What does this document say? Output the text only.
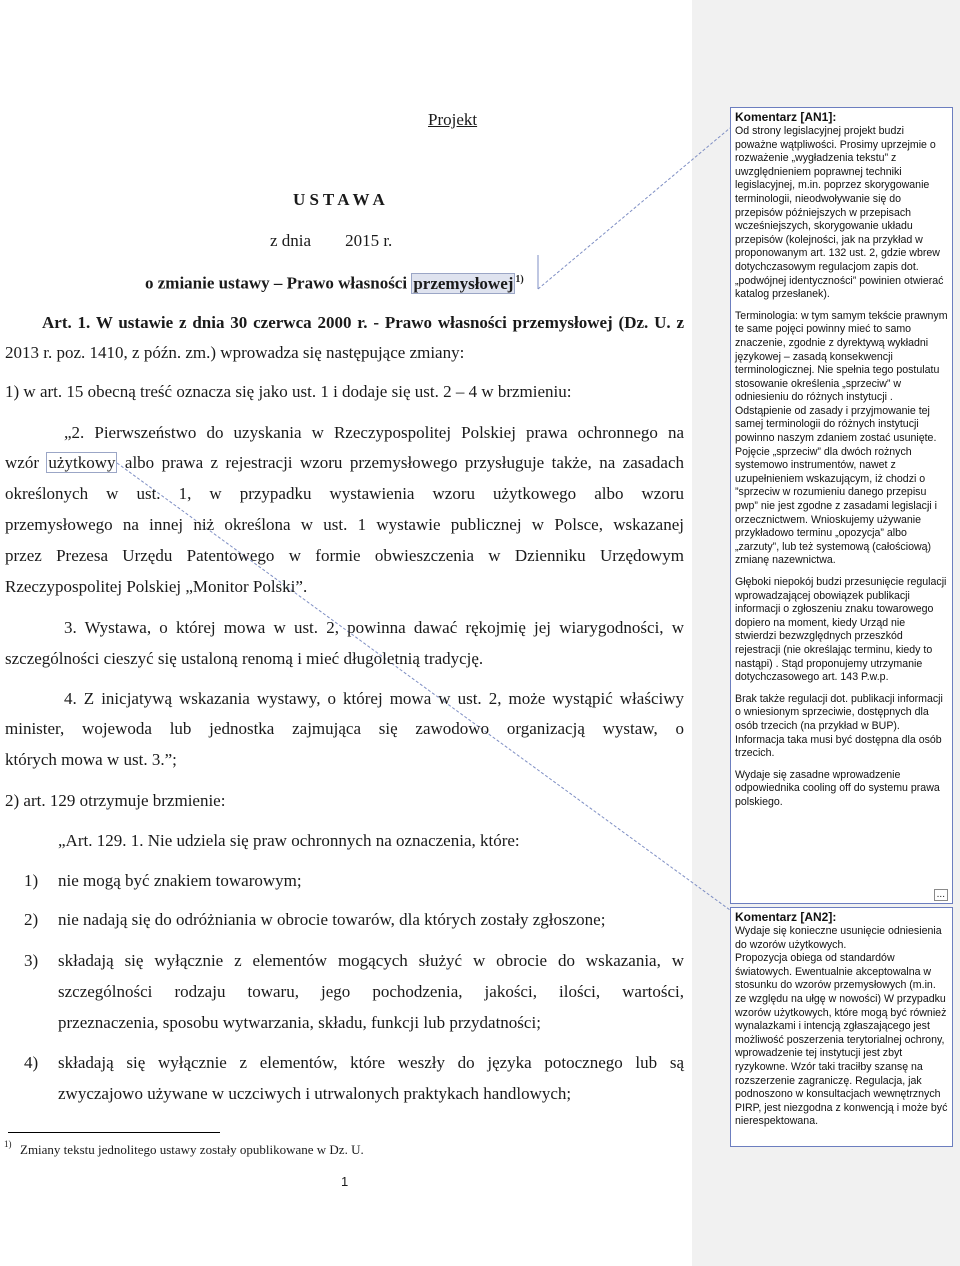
Projekt
U S T A W A
z dnia        2015 r.
o zmianie ustawy – Prawo własności przemysłowej $^{1)}$
Art. 1. W ustawie z dnia 30 czerwca 2000 r. - Prawo własności przemysłowej (Dz. U. z
2013 r. poz. 1410, z późn. zm.) wprowadza się następujące zmiany:
1) w art. 15 obecną treść oznacza się jako ust. 1 i dodaje się ust. 2 – 4 w brzmieniu:
„2. Pierwszeństwo do uzyskania w Rzeczypospolitej Polskiej prawa ochronnego na
wzór użytkowy albo prawa z rejestracji wzoru przemysłowego przysługuje także, na zasadach
określonych w ust. 1, w przypadku wystawienia wzoru użytkowego albo wzoru
przemysłowego na innej niż określona w ust. 1 wystawie publicznej w Polsce, wskazanej
przez Prezesa Urzędu Patentowego w formie obwieszczenia w Dzienniku Urzędowym
Rzeczypospolitej Polskiej „Monitor Polski”.
3. Wystawa, o której mowa w ust. 2, powinna dawać rękojmię jej wiarygodności, w
szczególności cieszyć się ustaloną renomą i mieć długoletnią tradycję.
4. Z inicjatywą wskazania wystawy, o której mowa w ust. 2, może wystąpić właściwy
minister, wojewoda lub jednostka zajmująca się zawodowo organizacją wystaw, o
których mowa w ust. 3.”;
2) art. 129 otrzymuje brzmienie:
„Art. 129. 1. Nie udziela się praw ochronnych na oznaczenia, które:
1) nie mogą być znakiem towarowym;
2) nie nadają się do odróżniania w obrocie towarów, dla których zostały zgłoszone;
3) składają się wyłącznie z elementów mogących służyć w obrocie do wskazania, w
szczególności rodzaju towaru, jego pochodzenia, jakości, ilości, wartości,
przeznaczenia, sposobu wytwarzania, składu, funkcji lub przydatności;
4) składają się wyłącznie z elementów, które weszły do języka potocznego lub są
zwyczajowo używane w uczciwych i utrwalonych praktykach handlowych;
1) Zmiany tekstu jednolitego ustawy zostały opublikowane w Dz. U.
1
Komentarz [AN1]:

Od strony legislacyjnej projekt budzi poważne wątpliwości. Prosimy uprzejmie o rozważenie „wygładzenia tekstu” z uwzględnieniem poprawnej techniki legislacyjnej, m.in. poprzez skorygowanie terminologii, nieodwoływanie się do przepisów późniejszych w przepisach wcześniejszych, skorygowanie układu przepisów (kolejności, jak na przykład w proponowanym art. 132 ust. 2, gdzie wbrew dotychczasowym regulacjom zapis dot. „podwójnej identyczności” powinien otwierać katalog przesłanek).

Terminologia: w tym samym tekście prawnym te same pojęci powinny mieć to samo znaczenie, zgodnie z dyrektywą wykładni językowej – zasadą konsekwencji terminologicznej. Nie spełnia tego postulatu stosowanie określenia „sprzeciw” w odniesieniu do różnych instytucji . Odstąpienie od zasady i przyjmowanie tej samej terminologii do różnych instytucji powinno naszym zdaniem zostać usunięte. Pojęcie „sprzeciw” dla dwóch rożnych systemowo instrumentów, nawet z uzupełnieniem wskazującym, iż chodzi o ”sprzeciw w rozumieniu danego przepisu pwp” nie jest zgodne z zasadami legislacji i orzecznictwem. Wnioskujemy używanie przykładowo terminu „opozycja” albo „zarzuty”, lub też systemową (całościową) zmianę nazewnictwa.

Głęboki niepokój budzi przesunięcie regulacji wprowadzającej obowiązek publikacji informacji o zgłoszeniu znaku towarowego dopiero na moment, kiedy Urząd nie stwierdzi bezwzględnych przeszkód rejestracji (nie określając terminu, kiedy to nastąpi) . Stąd proponujemy utrzymanie dotychczasowego art. 143 P.w.p.

Brak także regulacji dot. publikacji informacji o wniesionym sprzeciwie, dostępnych dla osób trzecich (na przykład w BUP). Informacja taka musi być dostępna dla osób trzecich.

Wydaje się zasadne wprowadzenie odpowiednika cooling off do systemu prawa polskiego.

...
Komentarz [AN2]:

Wydaje się konieczne usunięcie odniesienia do wzorów użytkowych.

Propozycja obiega od standardów światowych. Ewentualnie akceptowalna w stosunku do wzorów przemysłowych (m.in. ze względu na ułgę w nowości) W przypadku wzorów użytkowych, które mogą być również wynalazkami i intencją zgłaszającego jest możliwość poszerzenia terytorialnej ochrony, wprowadzenie tej instytucji jest zbyt ryzykowne. Wzór taki traciłby szansę na rozszerzenie zagraniczę. Regulacja, jak podnoszono w konsultacjach wewnętrznych PIRP, jest niezgodna z konwencją i może być nierespektowana.
